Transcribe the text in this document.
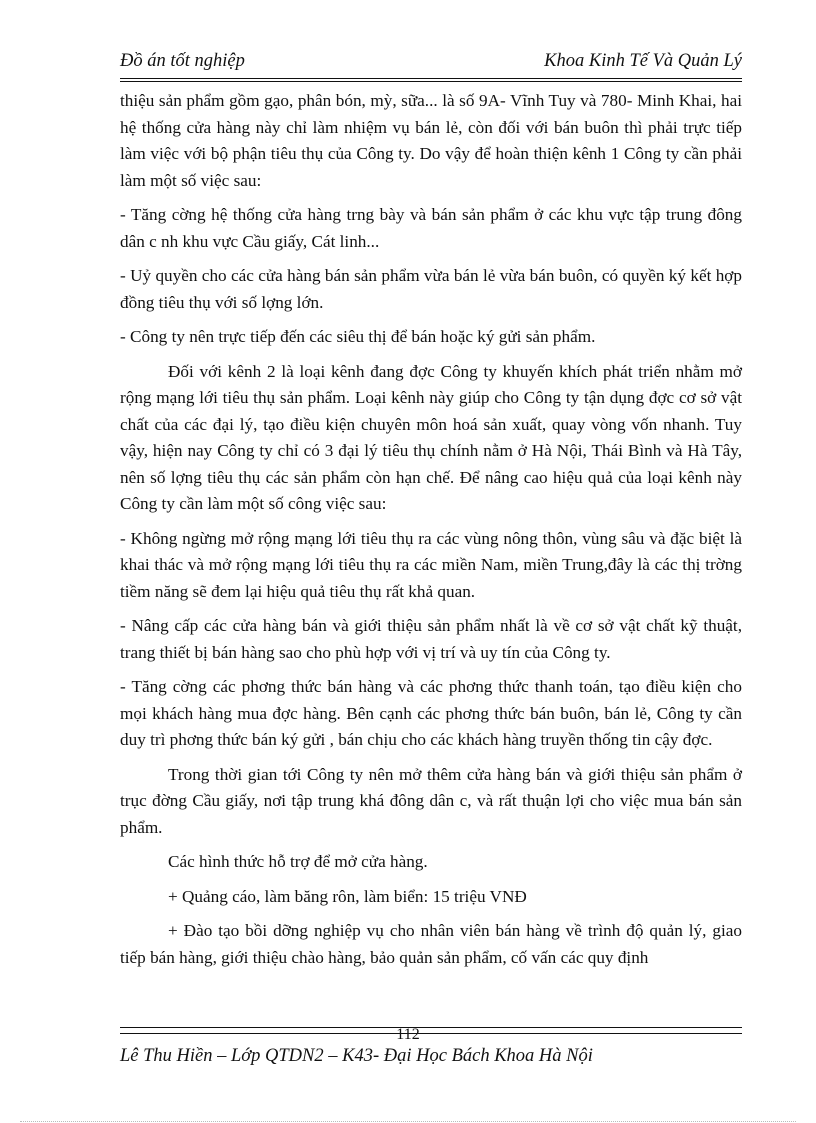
Đồ án tốt nghiệp	Khoa Kinh Tế Và Quản Lý

thiệu sản phẩm gồm gạo, phân bón, mỳ, sữa... là số 9A- Vĩnh Tuy và 780- Minh Khai, hai hệ thống cửa hàng này chỉ làm nhiệm vụ bán lẻ, còn đối với bán buôn thì phải trực tiếp làm việc với bộ phận tiêu thụ của Công ty. Do vậy để hoàn thiện kênh 1 Công ty cần phải làm một số việc sau:

- Tăng cờng hệ thống cửa hàng trng bày và bán sản phẩm ở các khu vực tập trung đông dân c nh khu vực Cầu giấy, Cát linh...

- Uỷ quyền cho các cửa hàng bán sản phẩm vừa bán lẻ vừa bán buôn, có quyền ký kết hợp đồng tiêu thụ với số lợng lớn.

- Công ty nên trực tiếp đến các siêu thị để bán hoặc ký gửi sản phẩm.

Đối với kênh 2 là loại kênh đang đợc Công ty khuyến khích phát triển nhằm mở rộng mạng lới tiêu thụ sản phẩm. Loại kênh này giúp cho Công ty tận dụng đợc cơ sở vật chất của các đại lý, tạo điều kiện chuyên môn hoá sản xuất, quay vòng vốn nhanh. Tuy vậy, hiện nay Công ty chỉ có 3 đại lý tiêu thụ chính nằm ở Hà Nội, Thái Bình và Hà Tây, nên số lợng tiêu thụ các sản phẩm còn hạn chế. Để nâng cao hiệu quả của loại kênh này Công ty cần làm một số công việc sau:

- Không ngừng mở rộng mạng lới tiêu thụ ra các vùng nông thôn, vùng sâu và đặc biệt là khai thác và mở rộng mạng lới tiêu thụ ra các miền Nam, miền Trung,đây là các thị trờng tiềm năng sẽ đem lại hiệu quả tiêu thụ rất khả quan.

- Nâng cấp các cửa hàng bán và giới thiệu sản phẩm nhất là về cơ sở vật chất kỹ thuật, trang thiết bị bán hàng sao cho phù hợp với vị trí và uy tín của Công ty.

- Tăng cờng các phơng thức bán hàng và các phơng thức thanh toán, tạo điều kiện cho mọi khách hàng mua đợc hàng. Bên cạnh các phơng thức bán buôn, bán lẻ, Công ty cần duy trì phơng thức bán ký gửi , bán chịu cho các khách hàng truyền thống tin cậy đợc.

Trong thời gian tới Công ty nên mở thêm cửa hàng bán và giới thiệu sản phẩm ở trục đờng Cầu giấy, nơi tập trung khá đông dân c, và rất thuận lợi cho việc mua bán sản phẩm.

Các hình thức hỗ trợ để mở cửa hàng.

+ Quảng cáo, làm băng rôn, làm biển: 15 triệu VNĐ

+ Đào tạo bồi dỡng nghiệp vụ cho nhân viên bán hàng về trình độ quản lý, giao tiếp bán hàng, giới thiệu chào hàng, bảo quản sản phẩm, cố vấn các quy định

112
Lê Thu Hiền – Lớp QTDN2 – K43- Đại Học Bách Khoa Hà Nội
